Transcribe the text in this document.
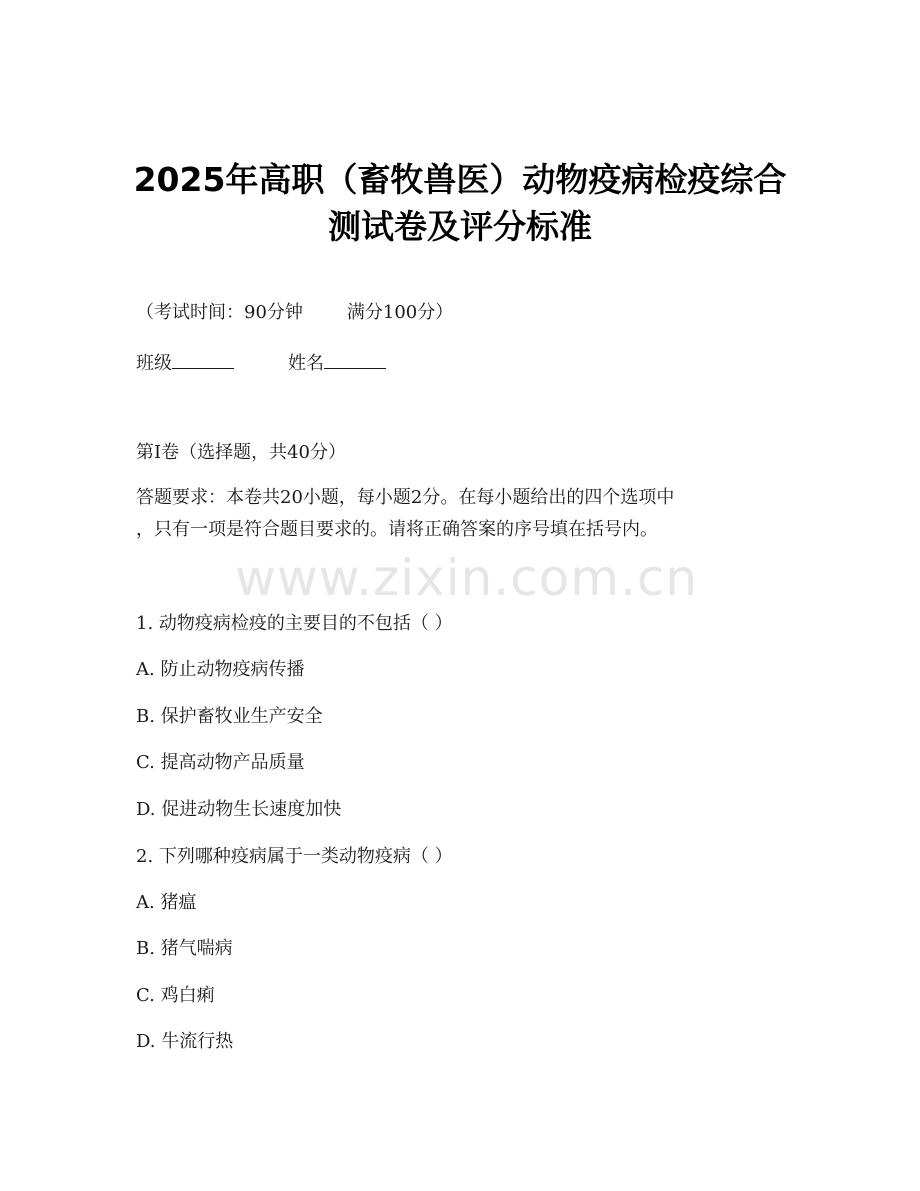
2025年高职（畜牧兽医）动物疫病检疫综合
测试卷及评分标准
（考试时间：90分钟 满分100分）
班级	姓名
第I卷（选择题，共40分）
答题要求：本卷共20小题，每小题2分。在每小题给出的四个选项中
，只有一项是符合题目要求的。请将正确答案的序号填在括号内。
www.zixin.com.cn
1. 动物疫病检疫的主要目的不包括（ ）
A. 防止动物疫病传播
B. 保护畜牧业生产安全
C. 提高动物产品质量
D. 促进动物生长速度加快
2. 下列哪种疫病属于一类动物疫病（ ）
A. 猪瘟
B. 猪气喘病
C. 鸡白痢
D. 牛流行热
